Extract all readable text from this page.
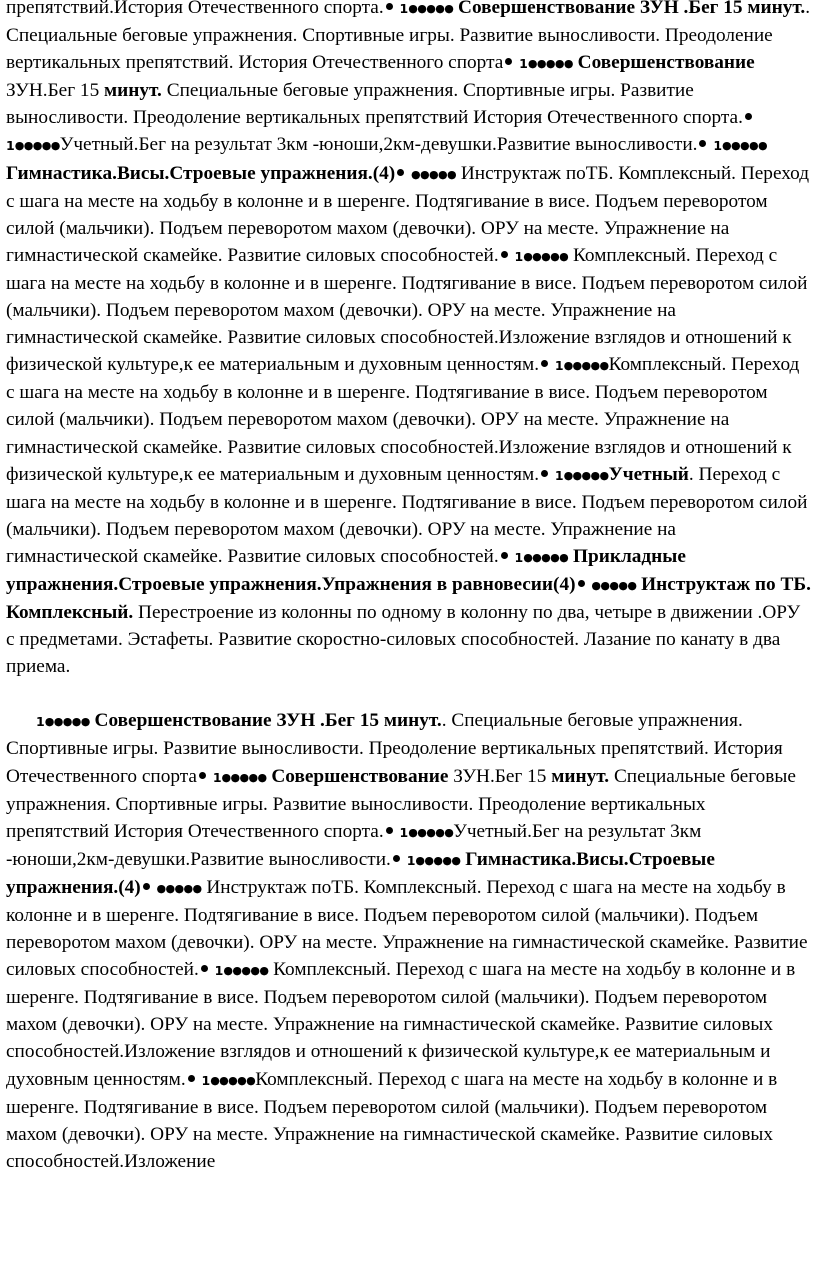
препятствий.История Отечественного спорта. 1●●●●● Совершенствование ЗУН .Бег 15 минут.. Специальные беговые упражнения. Спортивные игры. Развитие выносливости. Преодоление вертикальных препятствий. История Отечественного спорта 1●●●●● Совершенствование ЗУН.Бег 15 минут. Специальные беговые упражнения. Спортивные игры. Развитие выносливости. Преодоление вертикальных препятствий История Отечественного спорта. 1●●●●●Учетный.Бег на результат 3км -юноши,2км-девушки.Развитие выносливости. 1●●●●● Гимнастика.Висы.Строевые упражнения.(4) ●●●●● Инструктаж поТБ. Комплексный. Переход с шага на месте на ходьбу в колонне и в шеренге. Подтягивание в висе. Подъем переворотом силой (мальчики). Подъем переворотом махом (девочки). ОРУ на месте. Упражнение на гимнастической скамейке. Развитие силовых способностей. 1●●●●● Комплексный. Переход с шага на месте на ходьбу в колонне и в шеренге. Подтягивание в висе. Подъем переворотом силой (мальчики). Подъем переворотом махом (девочки). ОРУ на месте. Упражнение на гимнастической скамейке. Развитие силовых способностей.Изложение взглядов и отношений к физической культуре,к ее материальным и духовным ценностям. 1●●●●●Комплексный. Переход с шага на месте на ходьбу в колонне и в шеренге. Подтягивание в висе. Подъем переворотом силой (мальчики). Подъем переворотом махом (девочки). ОРУ на месте. Упражнение на гимнастической скамейке. Развитие силовых способностей.Изложение взглядов и отношений к физической культуре,к ее материальным и духовным ценностям. 1●●●●●Учетный. Переход с шага на месте на ходьбу в колонне и в шеренге. Подтягивание в висе. Подъем переворотом силой (мальчики). Подъем переворотом махом (девочки). ОРУ на месте. Упражнение на гимнастической скамейке. Развитие силовых способностей. 1●●●●● Прикладные упражнения.Строевые упражнения.Упражнения в равновесии(4) ●●●●● Инструктаж по ТБ. Комплексный. Перестроение из колонны по одному в колонну по два, четыре в движении .ОРУ с предметами. Эстафеты. Развитие скоростно-силовых способностей. Лазание по канату в два приема.

1●●●●● Совершенствование ЗУН .Бег 15 минут.. Специальные беговые упражнения. Спортивные игры. Развитие выносливости. Преодоление вертикальных препятствий. История Отечественного спорта 1●●●●● Совершенствование ЗУН.Бег 15 минут. Специальные беговые упражнения. Спортивные игры. Развитие выносливости. Преодоление вертикальных препятствий История Отечественного спорта. 1●●●●●Учетный.Бег на результат 3км -юноши,2км-девушки.Развитие выносливости. 1●●●●● Гимнастика.Висы.Строевые упражнения.(4) ●●●●● Инструктаж поТБ. Комплексный. Переход с шага на месте на ходьбу в колонне и в шеренге. Подтягивание в висе. Подъем переворотом силой (мальчики). Подъем переворотом махом (девочки). ОРУ на месте. Упражнение на гимнастической скамейке. Развитие силовых способностей. 1●●●●● Комплексный. Переход с шага на месте на ходьбу в колонне и в шеренге. Подтягивание в висе. Подъем переворотом силой (мальчики). Подъем переворотом махом (девочки). ОРУ на месте. Упражнение на гимнастической скамейке. Развитие силовых способностей.Изложение взглядов и отношений к физической культуре,к ее материальным и духовным ценностям. 1●●●●●Комплексный. Переход с шага на месте на ходьбу в колонне и в шеренге. Подтягивание в висе. Подъем переворотом силой (мальчики). Подъем переворотом махом (девочки). ОРУ на месте. Упражнение на гимнастической скамейке. Развитие силовых способностей.Изложение
